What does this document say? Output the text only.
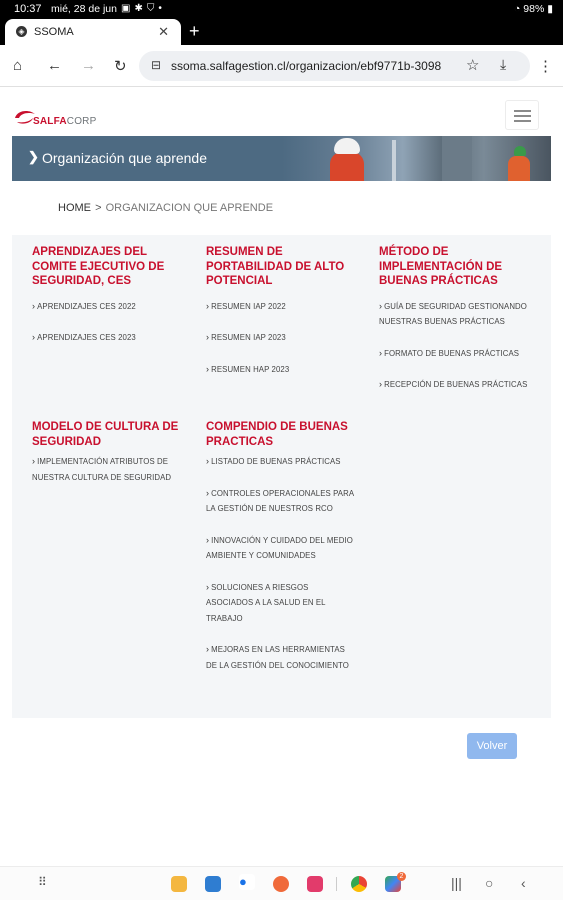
10:37 mié, 28 de jun ▣ ✱ ⛉ •	◔ 98% ▮
◈ SSOMA	✕ +
⌂ ← → ↻ ⊟ ssoma.salfagestion.cl/organizacion/ebf9771b-3098	☆ ⤓ ⋮
SALFACORP
❯ Organización que aprende
HOME > ORGANIZACION QUE APRENDE
APRENDIZAJES DEL COMITE EJECUTIVO DE SEGURIDAD, CES
› APRENDIZAJES CES 2022
› APRENDIZAJES CES 2023
RESUMEN DE PORTABILIDAD DE ALTO POTENCIAL
› RESUMEN IAP 2022
› RESUMEN IAP 2023
› RESUMEN HAP 2023
MÉTODO DE IMPLEMENTACIÓN DE BUENAS PRÁCTICAS
› GUÍA DE SEGURIDAD GESTIONANDO NUESTRAS BUENAS PRÁCTICAS
› FORMATO DE BUENAS PRÁCTICAS
› RECEPCIÓN DE BUENAS PRÁCTICAS
MODELO DE CULTURA DE SEGURIDAD
› IMPLEMENTACIÓN ATRIBUTOS DE NUESTRA CULTURA DE SEGURIDAD
COMPENDIO DE BUENAS PRACTICAS
› LISTADO DE BUENAS PRÁCTICAS
› CONTROLES OPERACIONALES PARA LA GESTIÓN DE NUESTROS RCO
› INNOVACIÓN Y CUIDADO DEL MEDIO AMBIENTE Y COMUNIDADES
› SOLUCIONES A RIESGOS ASOCIADOS A LA SALUD EN EL TRABAJO
› MEJORAS EN LAS HERRAMIENTAS DE LA GESTIÓN DEL CONOCIMIENTO
Volver
⠿	●	2	||| ○ ‹
